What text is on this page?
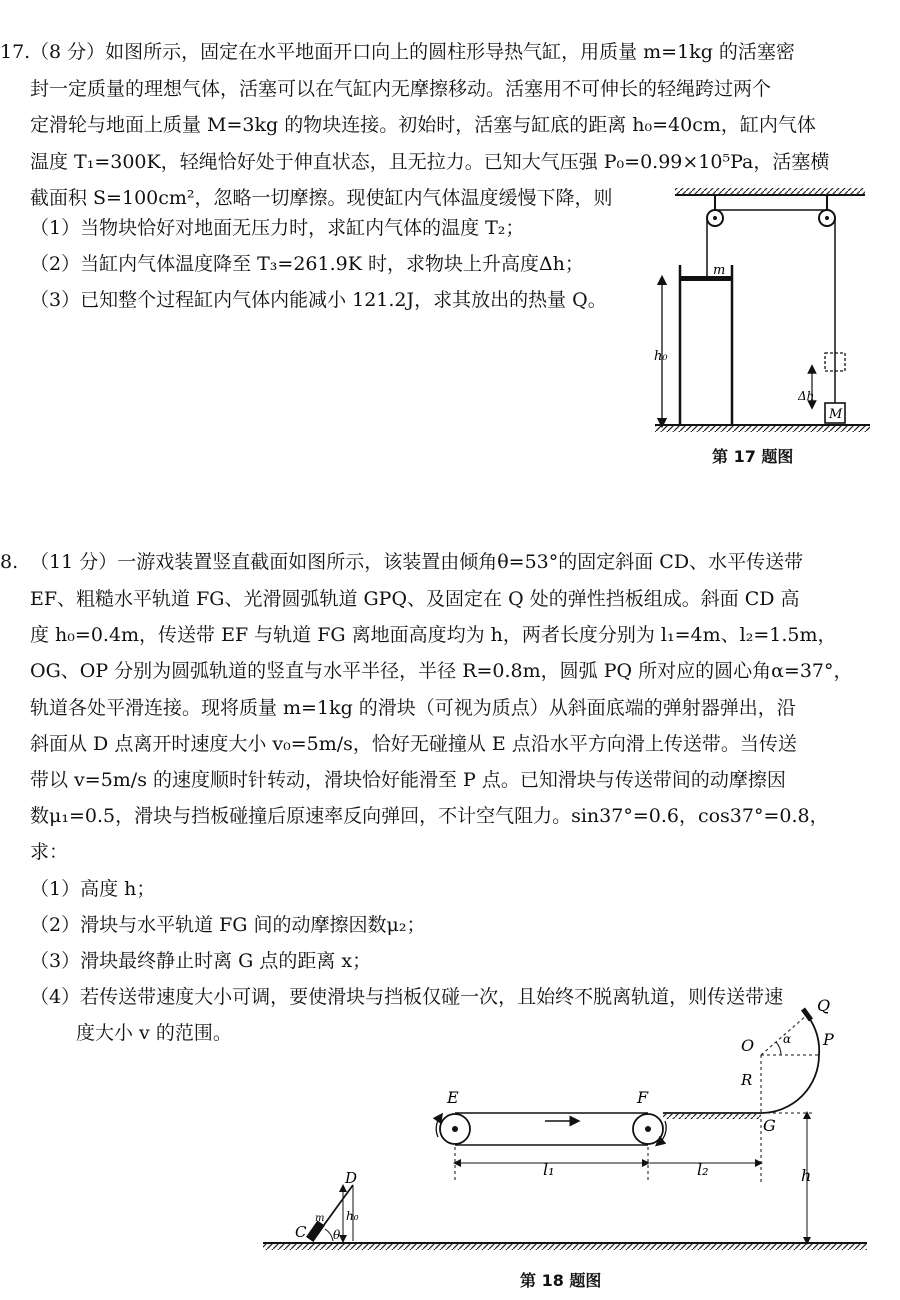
17. （8 分）如图所示，固定在水平地面开口向上的圆柱形导热气缸，用质量 m=1kg 的活塞密
封一定质量的理想气体，活塞可以在气缸内无摩擦移动。活塞用不可伸长的轻绳跨过两个
定滑轮与地面上质量 M=3kg 的物块连接。初始时，活塞与缸底的距离 h₀=40cm，缸内气体
温度 T₁=300K，轻绳恰好处于伸直状态，且无拉力。已知大气压强 P₀=0.99×10⁵Pa，活塞横
截面积 S=100cm²，忽略一切摩擦。现使缸内气体温度缓慢下降，则
（1）当物块恰好对地面无压力时，求缸内气体的温度 T₂；
（2）当缸内气体温度降至 T₃=261.9K 时，求物块上升高度Δh；
（3）已知整个过程缸内气体内能减小 121.2J，求其放出的热量 Q。
m
h₀
Δh
M
第 17 题图
8. （11 分）一游戏装置竖直截面如图所示，该装置由倾角θ=53°的固定斜面 CD、水平传送带
EF、粗糙水平轨道 FG、光滑圆弧轨道 GPQ、及固定在 Q 处的弹性挡板组成。斜面 CD 高
度 h₀=0.4m，传送带 EF 与轨道 FG 离地面高度均为 h，两者长度分别为 l₁=4m、l₂=1.5m，
OG、OP 分别为圆弧轨道的竖直与水平半径，半径 R=0.8m，圆弧 PQ 所对应的圆心角α=37°，
轨道各处平滑连接。现将质量 m=1kg 的滑块（可视为质点）从斜面底端的弹射器弹出，沿
斜面从 D 点离开时速度大小 v₀=5m/s，恰好无碰撞从 E 点沿水平方向滑上传送带。当传送
带以 v=5m/s 的速度顺时针转动，滑块恰好能滑至 P 点。已知滑块与传送带间的动摩擦因
数μ₁=0.5，滑块与挡板碰撞后原速率反向弹回，不计空气阻力。sin37°=0.6，cos37°=0.8，
求：
（1）高度 h；
（2）滑块与水平轨道 FG 间的动摩擦因数μ₂；
（3）滑块最终静止时离 G 点的距离 x；
（4）若传送带速度大小可调，要使滑块与挡板仅碰一次，且始终不脱离轨道，则传送带速
度大小 v 的范围。
C
D
m
θ
h₀
E	F
G
O	P
Q
R
α
l₁	l₂	h
第 18 题图
